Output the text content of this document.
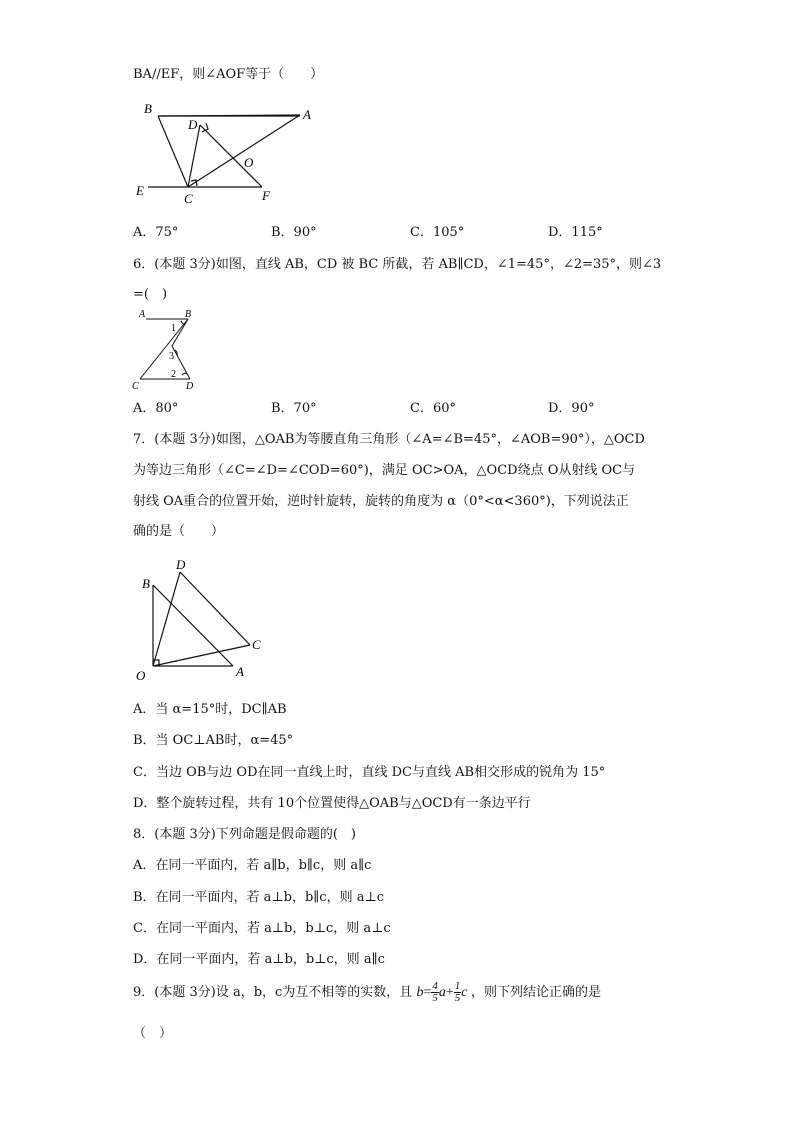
BA//EF，则∠AOF等于（　　）
B	A
D
O
E
C	F
A．75°	B．90°	C．105°	D．115°
6．(本题 3分)如图，直线 AB，CD 被 BC 所截，若 AB∥CD，∠1=45°，∠2=35°，则∠3
=(　)
A	B
1
3
2
C	D
A．80°	B．70°	C．60°	D．90°
7．(本题 3分)如图，△OAB为等腰直角三角形（∠A=∠B=45°，∠AOB=90°），△OCD
为等边三角形（∠C=∠D=∠COD=60°)，满足 OC>OA，△OCD绕点 O从射线 OC与
射线 OA重合的位置开始，逆时针旋转，旋转的角度为 α（0°<α<360°)，下列说法正
确的是（　　）
D
B
C
O	A
A．当 α=15°时，DC∥AB
B．当 OC⊥AB时，α=45°
C．当边 OB与边 OD在同一直线上时，直线 DC与直线 AB相交形成的锐角为 15°
D．整个旋转过程，共有 10个位置使得△OAB与△OCD有一条边平行
8．(本题 3分)下列命题是假命题的(　)
A．在同一平面内，若 a∥b，b∥c，则 a∥c
B．在同一平面内，若 a⊥b，b∥c，则 a⊥c
C．在同一平面内，若 a⊥b，b⊥c，则 a⊥c
D．在同一平面内，若 a⊥b，b⊥c，则 a∥c
9．(本题 3分)设 a，b，c为互不相等的实数，且 $b= \frac{4}{5} a+ \frac{1}{5}$ c ，则下列结论正确的是
（　）
